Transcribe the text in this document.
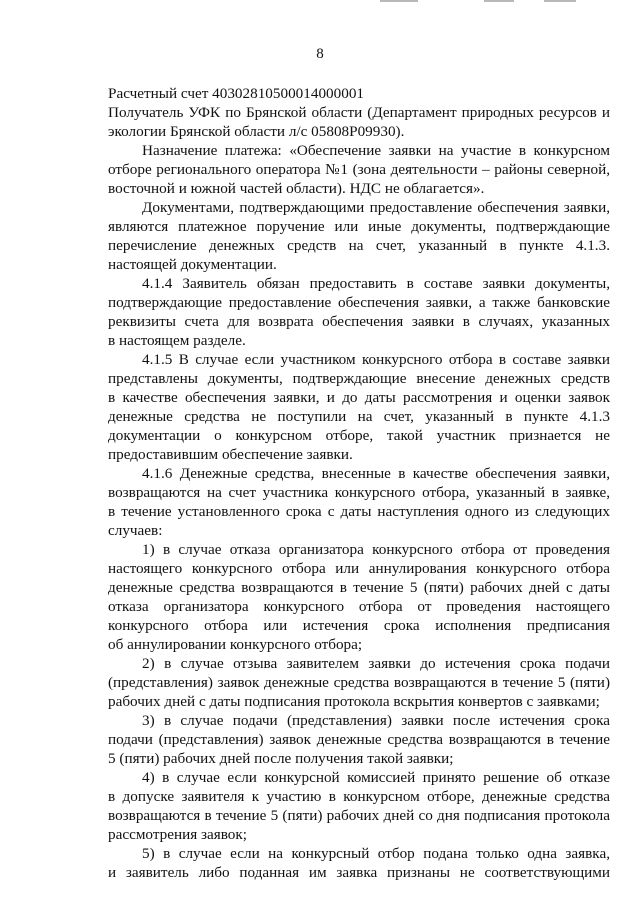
8
Расчетный счет 40302810500014000001
Получатель УФК по Брянской области (Департамент природных ресурсов и
экологии Брянской области л/с 05808Р09930).
Назначение платежа: «Обеспечение заявки на участие в конкурсном
отборе регионального оператора №1 (зона деятельности – районы северной,
восточной и южной частей области). НДС не облагается».
Документами, подтверждающими предоставление обеспечения заявки,
являются платежное поручение или иные документы, подтверждающие
перечисление денежных средств на счет, указанный в пункте 4.1.3.
настоящей документации.
4.1.4 Заявитель обязан предоставить в составе заявки документы,
подтверждающие предоставление обеспечения заявки, а также банковские
реквизиты счета для возврата обеспечения заявки в случаях, указанных
в настоящем разделе.
4.1.5 В случае если участником конкурсного отбора в составе заявки
представлены документы, подтверждающие внесение денежных средств
в качестве обеспечения заявки, и до даты рассмотрения и оценки заявок
денежные средства не поступили на счет, указанный в пункте 4.1.3
документации о конкурсном отборе, такой участник признается не
предоставившим обеспечение заявки.
4.1.6 Денежные средства, внесенные в качестве обеспечения заявки,
возвращаются на счет участника конкурсного отбора, указанный в заявке,
в течение установленного срока с даты наступления одного из следующих
случаев:
1) в случае отказа организатора конкурсного отбора от проведения
настоящего конкурсного отбора или аннулирования конкурсного отбора
денежные средства возвращаются в течение 5 (пяти) рабочих дней с даты
отказа организатора конкурсного отбора от проведения настоящего
конкурсного отбора или истечения срока исполнения предписания
об аннулировании конкурсного отбора;
2) в случае отзыва заявителем заявки до истечения срока подачи
(представления) заявок денежные средства возвращаются в течение 5 (пяти)
рабочих дней с даты подписания протокола вскрытия конвертов с заявками;
3) в случае подачи (представления) заявки после истечения срока
подачи (представления) заявок денежные средства возвращаются в течение
5 (пяти) рабочих дней после получения такой заявки;
4) в случае если конкурсной комиссией принято решение об отказе
в допуске заявителя к участию в конкурсном отборе, денежные средства
возвращаются в течение 5 (пяти) рабочих дней со дня подписания протокола
рассмотрения заявок;
5) в случае если на конкурсный отбор подана только одна заявка,
и заявитель либо поданная им заявка признаны не соответствующими
